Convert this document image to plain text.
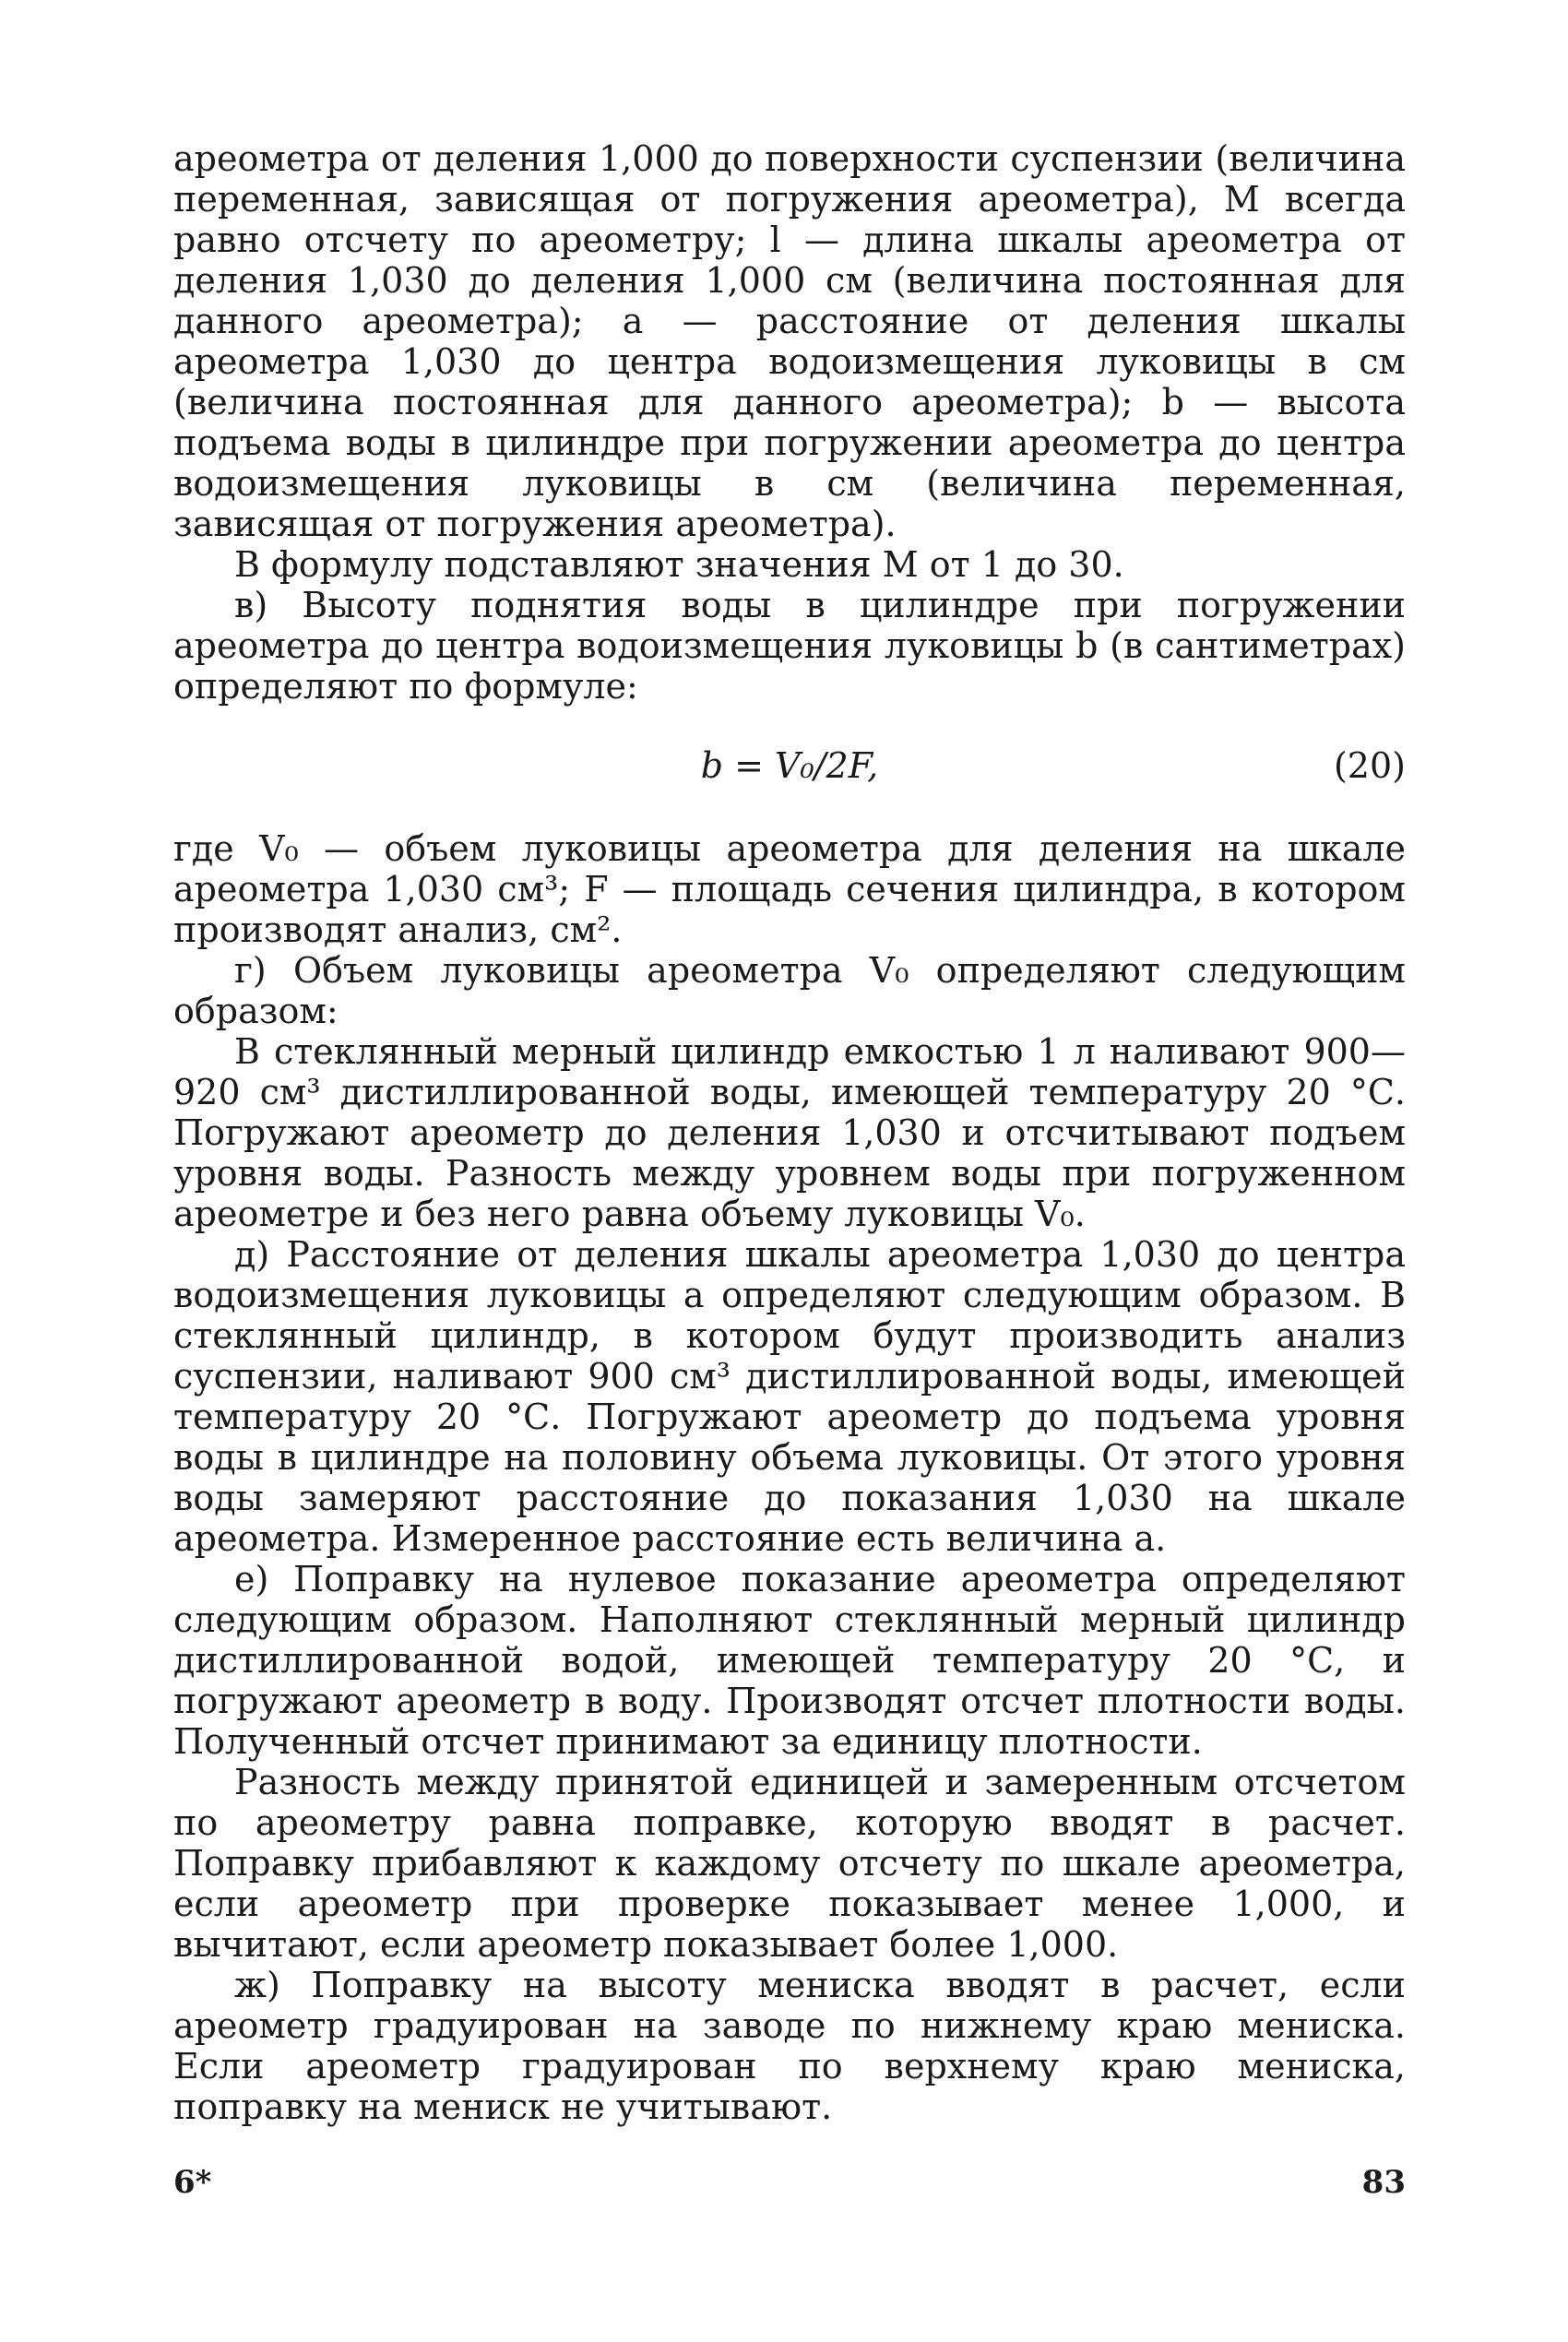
ареометра от деления 1,000 до поверхности суспензии (величина переменная, зависящая от погружения ареометра), M всегда равно отсчету по ареометру; l — длина шкалы ареометра от деления 1,030 до деления 1,000 см (величина постоянная для данного ареометра); a — расстояние от деления шкалы ареометра 1,030 до центра водоизмещения луковицы в см (величина постоянная для данного ареометра); b — высота подъема воды в цилиндре при погружении ареометра до центра водоизмещения луковицы в см (величина переменная, зависящая от погружения ареометра).

В формулу подставляют значения M от 1 до 30.

в) Высоту поднятия воды в цилиндре при погружении ареометра до центра водоизмещения луковицы b (в сантиметрах) определяют по формуле:

b = V₀/2F,	(20)

где V₀ — объем луковицы ареометра для деления на шкале ареометра 1,030 см³; F — площадь сечения цилиндра, в котором производят анализ, см².

г) Объем луковицы ареометра V₀ определяют следующим образом:

В стеклянный мерный цилиндр емкостью 1 л наливают 900—920 см³ дистиллированной воды, имеющей температуру 20 °С. Погружают ареометр до деления 1,030 и отсчитывают подъем уровня воды. Разность между уровнем воды при погруженном ареометре и без него равна объему луковицы V₀.

д) Расстояние от деления шкалы ареометра 1,030 до центра водоизмещения луковицы a определяют следующим образом. В стеклянный цилиндр, в котором будут производить анализ суспензии, наливают 900 см³ дистиллированной воды, имеющей температуру 20 °С. Погружают ареометр до подъема уровня воды в цилиндре на половину объема луковицы. От этого уровня воды замеряют расстояние до показания 1,030 на шкале ареометра. Измеренное расстояние есть величина a.

е) Поправку на нулевое показание ареометра определяют следующим образом. Наполняют стеклянный мерный цилиндр дистиллированной водой, имеющей температуру 20 °С, и погружают ареометр в воду. Производят отсчет плотности воды. Полученный отсчет принимают за единицу плотности.

Разность между принятой единицей и замеренным отсчетом по ареометру равна поправке, которую вводят в расчет. Поправку прибавляют к каждому отсчету по шкале ареометра, если ареометр при проверке показывает менее 1,000, и вычитают, если ареометр показывает более 1,000.

ж) Поправку на высоту мениска вводят в расчет, если ареометр градуирован на заводе по нижнему краю мениска. Если ареометр градуирован по верхнему краю мениска, поправку на мениск не учитывают.

6*	83
